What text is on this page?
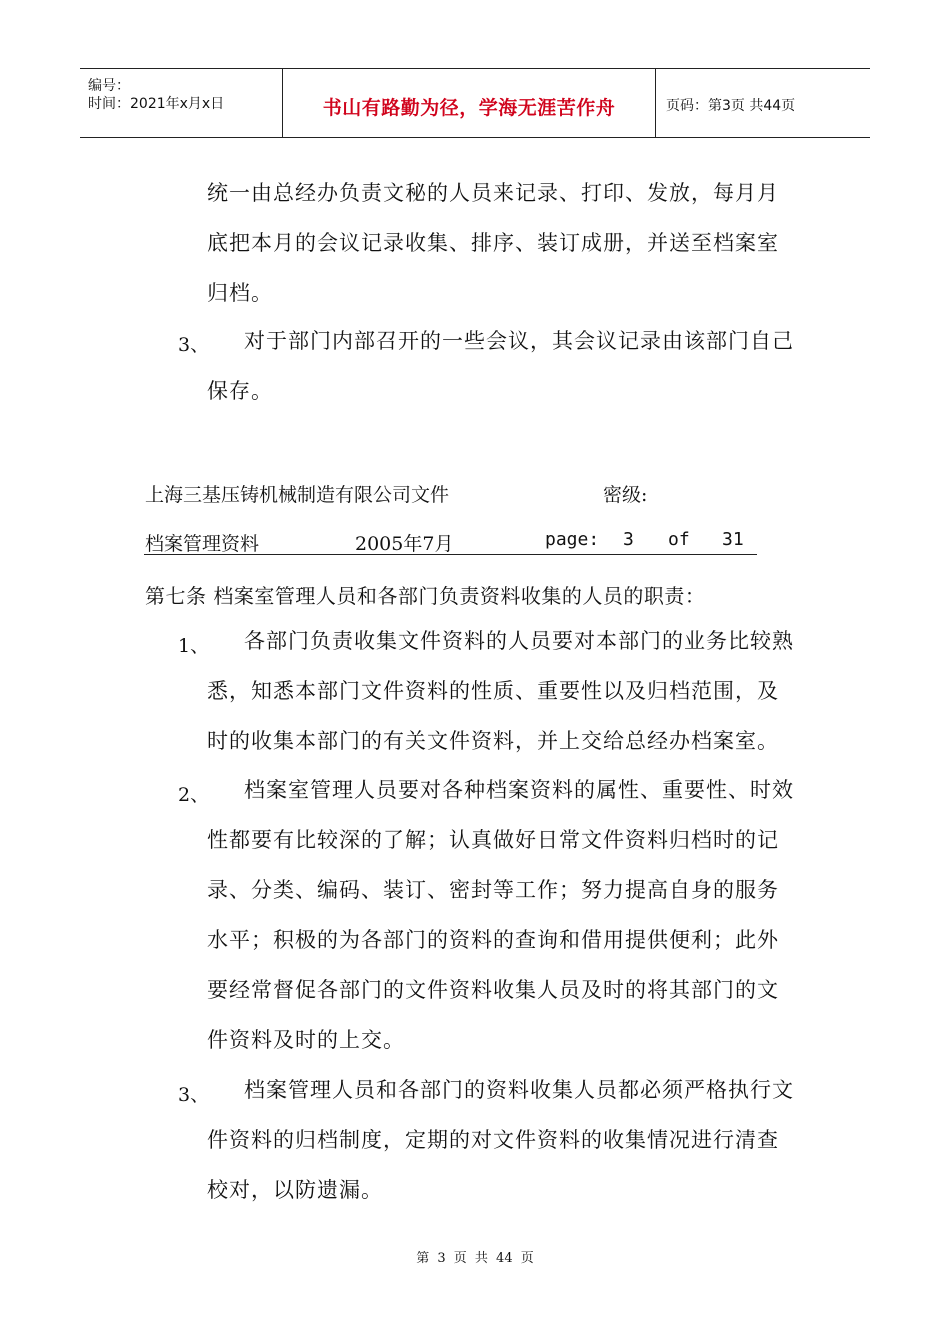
编号：
时间：2021年x月x日	书山有路勤为径，学海无涯苦作舟	页码：第3页 共44页
统一由总经办负责文秘的人员来记录、打印、发放，每月月
底把本月的会议记录收集、排序、装订成册，并送至档案室
归档。
3、 对于部门内部召开的一些会议，其会议记录由该部门自己
保存。
上海三基压铸机械制造有限公司文件	密级:
档案管理资料	2005年7月	page: 3 of 31
第七条 档案室管理人员和各部门负责资料收集的人员的职责：
1、 各部门负责收集文件资料的人员要对本部门的业务比较熟
悉，知悉本部门文件资料的性质、重要性以及归档范围，及
时的收集本部门的有关文件资料，并上交给总经办档案室。
2、 档案室管理人员要对各种档案资料的属性、重要性、时效
性都要有比较深的了解；认真做好日常文件资料归档时的记
录、分类、编码、装订、密封等工作；努力提高自身的服务
水平；积极的为各部门的资料的查询和借用提供便利；此外
要经常督促各部门的文件资料收集人员及时的将其部门的文
件资料及时的上交。
3、 档案管理人员和各部门的资料收集人员都必须严格执行文
件资料的归档制度，定期的对文件资料的收集情况进行清查
校对，以防遗漏。
第 3 页 共 44 页
